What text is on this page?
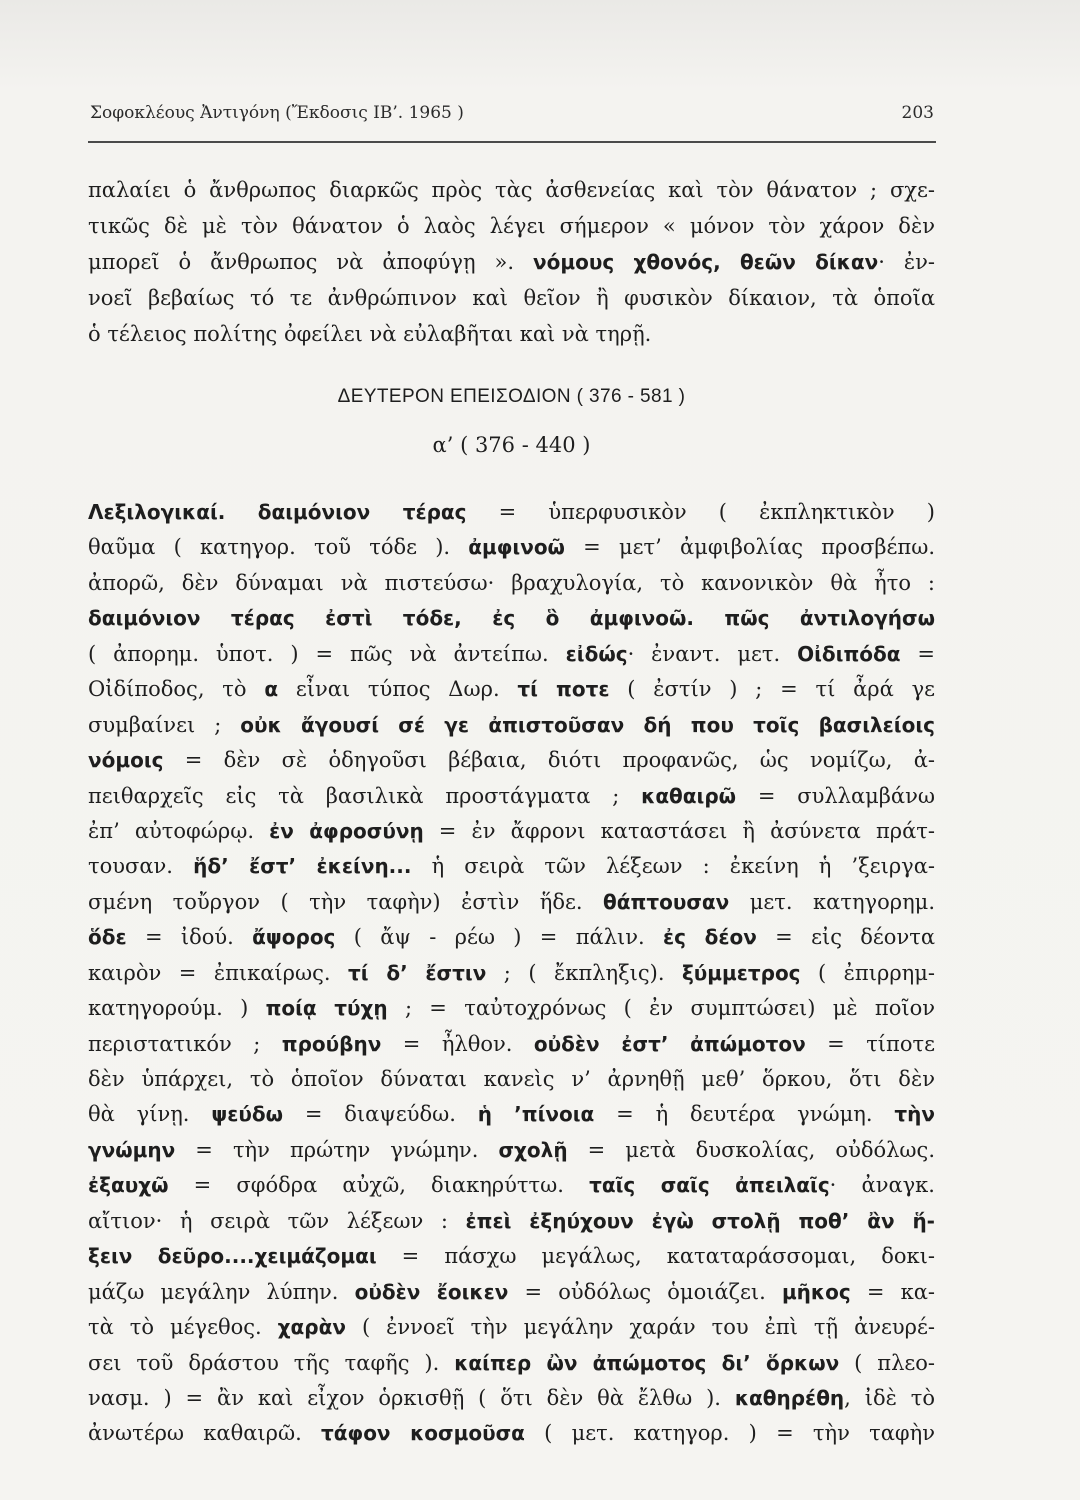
Σοφοκλέους Ἀντιγόνη (Ἔκδοσις ΙΒ’. 1965 )	203
παλαίει ὁ ἄνθρωπος διαρκῶς πρὸς τὰς ἀσθενείας καὶ τὸν θάνατον ; σχε-
τικῶς δὲ μὲ τὸν θάνατον ὁ λαὸς λέγει σήμερον « μόνον τὸν χάρον δὲν
μπορεῖ ὁ ἄνθρωπος νὰ ἀποφύγῃ ». νόμους χθονός, θεῶν δίκαν· ἐν-
νοεῖ βεβαίως τό τε ἀνθρώπινον καὶ θεῖον ἢ φυσικὸν δίκαιον, τὰ ὁποῖα
ὁ τέλειος πολίτης ὀφείλει νὰ εὐλαβῆται καὶ νὰ τηρῇ.
ΔΕΥΤΕΡΟΝ ΕΠΕΙΣΟΔΙΟΝ ( 376 - 581 )
α’ ( 376 - 440 )
Λεξιλογικαί. δαιμόνιον τέρας = ὑπερφυσικὸν ( ἐκπληκτικὸν )
θαῦμα ( κατηγορ. τοῦ τόδε ). ἀμφινοῶ = μετ’ ἀμφιβολίας προσβέπω.
ἀπορῶ, δὲν δύναμαι νὰ πιστεύσω· βραχυλογία, τὸ κανονικὸν θὰ ἦτο :
δαιμόνιον τέρας ἐστὶ τόδε, ἐς ὃ ἀμφινοῶ. πῶς ἀντιλογήσω
( ἀπορημ. ὑποτ. ) = πῶς νὰ ἀντείπω. εἰδώς· ἐναντ. μετ. Οἰδιπόδα =
Οἰδίποδος, τὸ α εἶναι τύπος Δωρ. τί ποτε ( ἐστίν ) ; = τί ἆρά γε
συμβαίνει ; οὐκ ἄγουσί σέ γε ἀπιστοῦσαν δή που τοῖς βασιλείοις
νόμοις = δὲν σὲ ὁδηγοῦσι βέβαια, διότι προφανῶς, ὡς νομίζω, ἀ-
πειθαρχεῖς εἰς τὰ βασιλικὰ προστάγματα ; καθαιρῶ = συλλαμβάνω
ἐπ’ αὐτοφώρῳ. ἐν ἀφροσύνῃ = ἐν ἄφρονι καταστάσει ἢ ἀσύνετα πράτ-
τουσαν. ἥδ’ ἔστ’ ἐκείνη... ἡ σειρὰ τῶν λέξεων : ἐκείνη ἡ ’ξειργα-
σμένη τοὔργον ( τὴν ταφὴν) ἐστὶν ἥδε. θάπτουσαν μετ. κατηγορημ.
ὅδε = ἰδού. ἄψορος ( ἄψ - ρέω ) = πάλιν. ἐς δέον = εἰς δέοντα
καιρὸν = ἐπικαίρως. τί δ’ ἔστιν ; ( ἔκπληξις). ξύμμετρος ( ἐπιρρημ-
κατηγορούμ. ) ποίᾳ τύχῃ ; = ταὐτοχρόνως ( ἐν συμπτώσει) μὲ ποῖον
περιστατικόν ; προύβην = ἦλθον. οὐδὲν ἐστ’ ἀπώμοτον = τίποτε
δὲν ὑπάρχει, τὸ ὁποῖον δύναται κανεὶς ν’ ἀρνηθῇ μεθ’ ὅρκου, ὅτι δὲν
θὰ γίνῃ. ψεύδω = διαψεύδω. ἡ ’πίνοια = ἡ δευτέρα γνώμη. τὴν
γνώμην = τὴν πρώτην γνώμην. σχολῇ = μετὰ δυσκολίας, οὐδόλως.
ἐξαυχῶ = σφόδρα αὐχῶ, διακηρύττω. ταῖς σαῖς ἀπειλαῖς· ἀναγκ.
αἴτιον· ἡ σειρὰ τῶν λέξεων : ἐπεὶ ἐξηύχουν ἐγὼ στολῇ ποθ’ ἂν ἥ-
ξειν δεῦρο....χειμάζομαι = πάσχω μεγάλως, καταταράσσομαι, δοκι-
μάζω μεγάλην λύπην. οὐδὲν ἔοικεν = οὐδόλως ὁμοιάζει. μῆκος = κα-
τὰ τὸ μέγεθος. χαρὰν ( ἐννοεῖ τὴν μεγάλην χαράν του ἐπὶ τῇ ἀνευρέ-
σει τοῦ δράστου τῆς ταφῆς ). καίπερ ὢν ἀπώμοτος δι’ ὅρκων ( πλεο-
νασμ. ) = ἂν καὶ εἶχον ὁρκισθῇ ( ὅτι δὲν θὰ ἔλθω ). καθηρέθη, ἰδὲ τὸ
ἀνωτέρω καθαιρῶ. τάφον κοσμοῦσα ( μετ. κατηγορ. ) = τὴν ταφὴν
